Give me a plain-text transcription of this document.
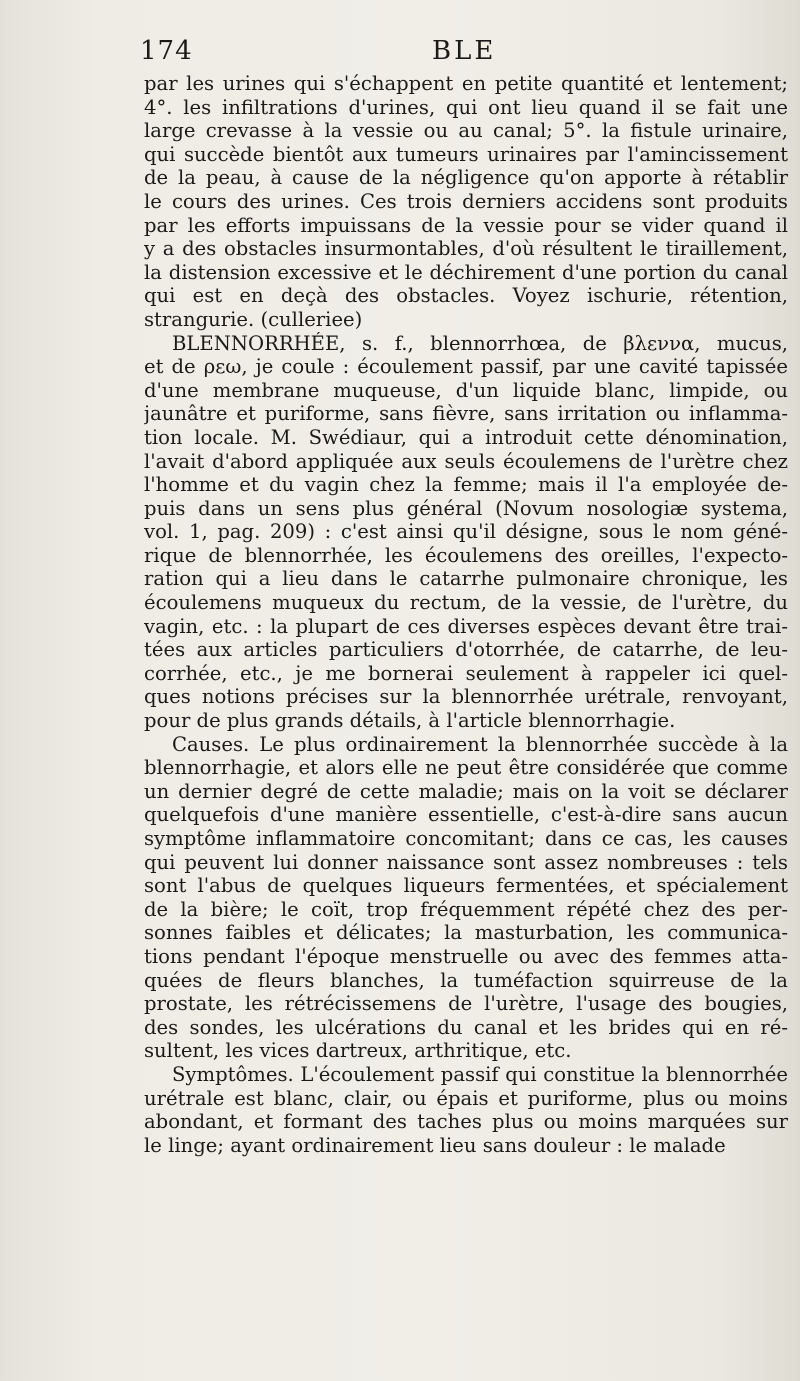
174	BLE
par les urines qui s'échappent en petite quantité et lentement;
4°. les infiltrations d'urines, qui ont lieu quand il se fait une
large crevasse à la vessie ou au canal; 5°. la fistule urinaire,
qui succède bientôt aux tumeurs urinaires par l'amincissement
de la peau, à cause de la négligence qu'on apporte à rétablir
le cours des urines. Ces trois derniers accidens sont produits
par les efforts impuissans de la vessie pour se vider quand il
y a des obstacles insurmontables, d'où résultent le tiraillement,
la distension excessive et le déchirement d'une portion du canal
qui est en deçà des obstacles. Voyez ischurie, rétention,
strangurie. (culleriee)
BLENNORRHÉE, s. f., blennorrhœa, de βλεννα, mucus,
et de ρεω, je coule : écoulement passif, par une cavité tapissée
d'une membrane muqueuse, d'un liquide blanc, limpide, ou
jaunâtre et puriforme, sans fièvre, sans irritation ou inflamma-
tion locale. M. Swédiaur, qui a introduit cette dénomination,
l'avait d'abord appliquée aux seuls écoulemens de l'urètre chez
l'homme et du vagin chez la femme; mais il l'a employée de-
puis dans un sens plus général (Novum nosologiæ systema,
vol. 1, pag. 209) : c'est ainsi qu'il désigne, sous le nom géné-
rique de blennorrhée, les écoulemens des oreilles, l'expecto-
ration qui a lieu dans le catarrhe pulmonaire chronique, les
écoulemens muqueux du rectum, de la vessie, de l'urètre, du
vagin, etc. : la plupart de ces diverses espèces devant être trai-
tées aux articles particuliers d'otorrhée, de catarrhe, de leu-
corrhée, etc., je me bornerai seulement à rappeler ici quel-
ques notions précises sur la blennorrhée urétrale, renvoyant,
pour de plus grands détails, à l'article blennorrhagie.
Causes. Le plus ordinairement la blennorrhée succède à la
blennorrhagie, et alors elle ne peut être considérée que comme
un dernier degré de cette maladie; mais on la voit se déclarer
quelquefois d'une manière essentielle, c'est-à-dire sans aucun
symptôme inflammatoire concomitant; dans ce cas, les causes
qui peuvent lui donner naissance sont assez nombreuses : tels
sont l'abus de quelques liqueurs fermentées, et spécialement
de la bière; le coït, trop fréquemment répété chez des per-
sonnes faibles et délicates; la masturbation, les communica-
tions pendant l'époque menstruelle ou avec des femmes atta-
quées de fleurs blanches, la tuméfaction squirreuse de la
prostate, les rétrécissemens de l'urètre, l'usage des bougies,
des sondes, les ulcérations du canal et les brides qui en ré-
sultent, les vices dartreux, arthritique, etc.
Symptômes. L'écoulement passif qui constitue la blennorrhée
urétrale est blanc, clair, ou épais et puriforme, plus ou moins
abondant, et formant des taches plus ou moins marquées sur
le linge; ayant ordinairement lieu sans douleur : le malade
